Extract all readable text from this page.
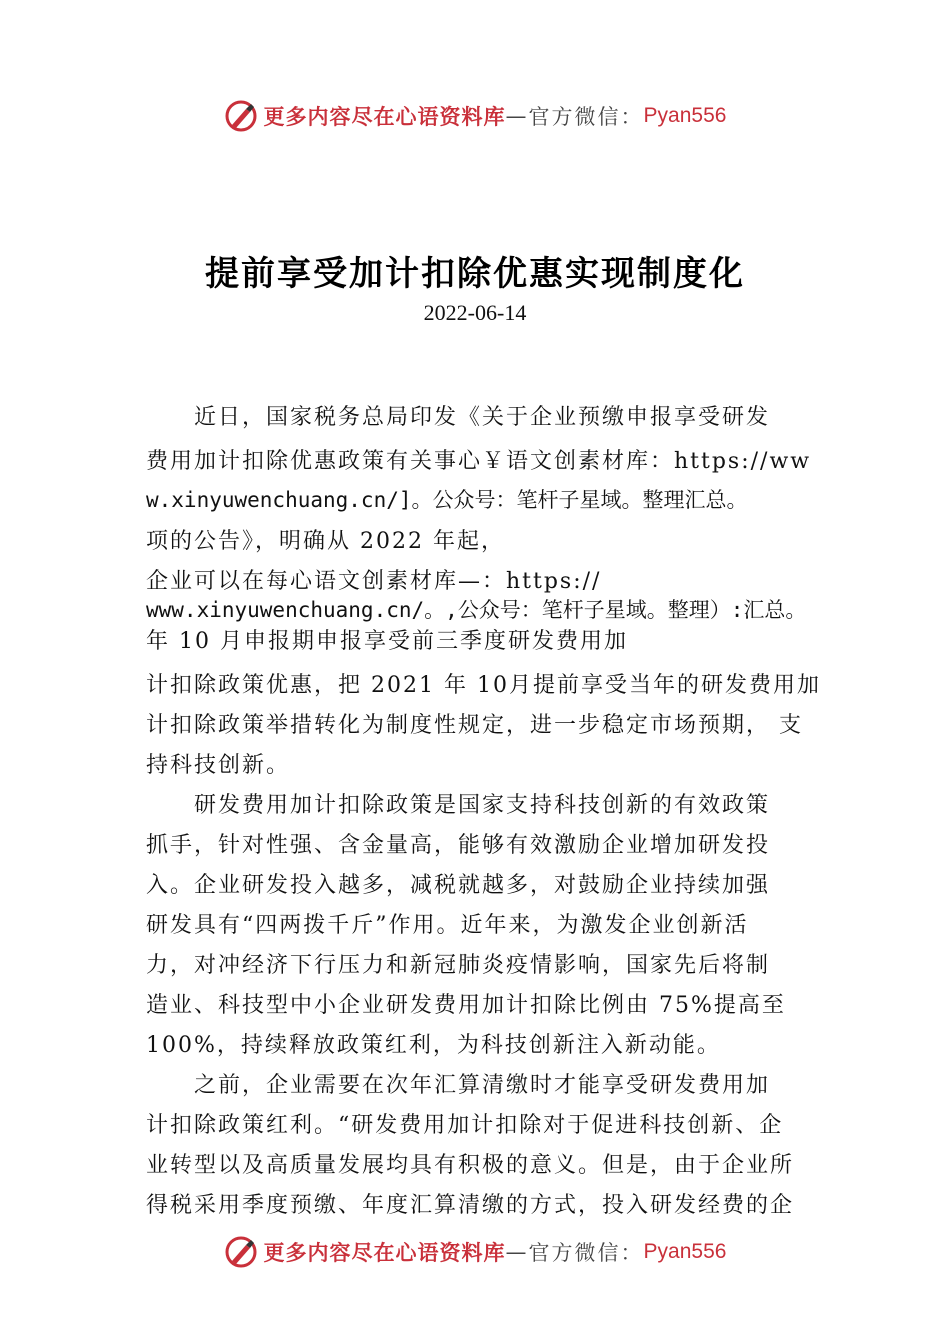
更多内容尽在心语资料库 — 官方微信： Pyan556
提前享受加计扣除优惠实现制度化
2022-06-14
近日，国家税务总局印发《关于企业预缴申报享受研发
费用加计扣除优惠政策有关事心￥语文创素材库：https://ww
w.xinyuwenchuang.cn/]。公众号：笔杆子星域。整理汇总。
项的公告》，明确从 2022 年起，
企业可以在每心语文创素材库—：https://
www.xinyuwenchuang.cn/。,公众号：笔杆子星域。整理）:汇总。
年 10 月申报期申报享受前三季度研发费用加
计扣除政策优惠，把 2021 年 10月提前享受当年的研发费用加
计扣除政策举措转化为制度性规定，进一步稳定市场预期， 支
持科技创新。
研发费用加计扣除政策是国家支持科技创新的有效政策
抓手，针对性强、含金量高，能够有效激励企业增加研发投
入。企业研发投入越多，减税就越多，对鼓励企业持续加强
研发具有“四两拨千斤”作用。近年来，为激发企业创新活
力，对冲经济下行压力和新冠肺炎疫情影响，国家先后将制
造业、科技型中小企业研发费用加计扣除比例由 75%提高至
100%，持续释放政策红利，为科技创新注入新动能。
之前，企业需要在次年汇算清缴时才能享受研发费用加
计扣除政策红利。“研发费用加计扣除对于促进科技创新、企
业转型以及高质量发展均具有积极的意义。但是，由于企业所
得税采用季度预缴、年度汇算清缴的方式，投入研发经费的企
更多内容尽在心语资料库 — 官方微信： Pyan556
